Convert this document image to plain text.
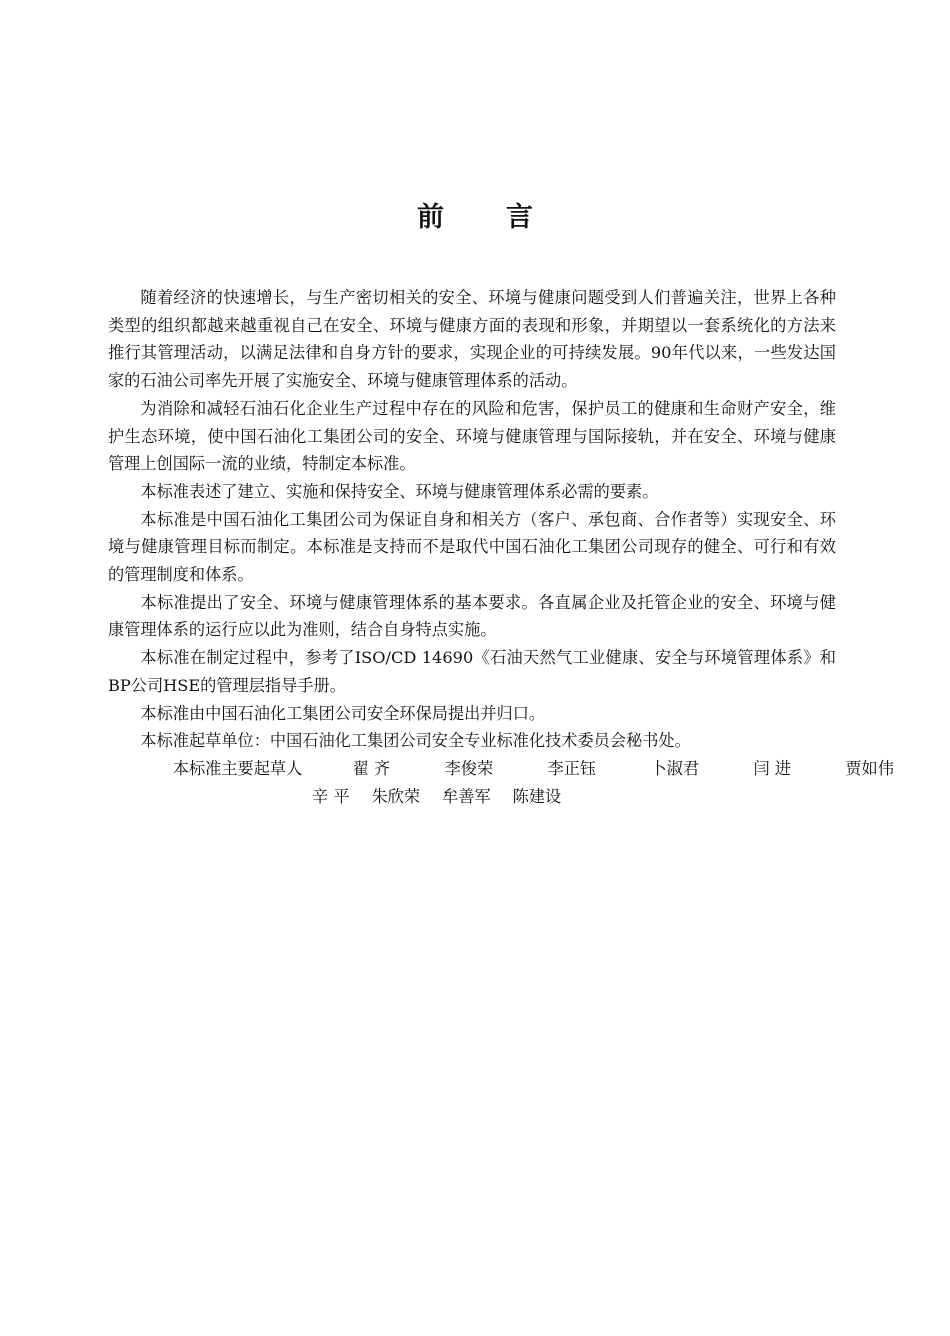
前言

随着经济的快速增长，与生产密切相关的安全、环境与健康问题受到人们普遍关注，世界上各种类型的组织都越来越重视自己在安全、环境与健康方面的表现和形象，并期望以一套系统化的方法来推行其管理活动，以满足法律和自身方针的要求，实现企业的可持续发展。90年代以来，一些发达国家的石油公司率先开展了实施安全、环境与健康管理体系的活动。

为消除和减轻石油石化企业生产过程中存在的风险和危害，保护员工的健康和生命财产安全，维护生态环境，使中国石油化工集团公司的安全、环境与健康管理与国际接轨，并在安全、环境与健康管理上创国际一流的业绩，特制定本标准。

本标准表述了建立、实施和保持安全、环境与健康管理体系必需的要素。

本标准是中国石油化工集团公司为保证自身和相关方（客户、承包商、合作者等）实现安全、环境与健康管理目标而制定。本标准是支持而不是取代中国石油化工集团公司现存的健全、可行和有效的管理制度和体系。

本标准提出了安全、环境与健康管理体系的基本要求。各直属企业及托管企业的安全、环境与健康管理体系的运行应以此为准则，结合自身特点实施。

本标准在制定过程中，参考了ISO/CD 14690《石油天然气工业健康、安全与环境管理体系》和BP公司HSE的管理层指导手册。

本标准由中国石油化工集团公司安全环保局提出并归口。

本标准起草单位：中国石油化工集团公司安全专业标准化技术委员会秘书处。

本标准主要起草人	翟 齐	李俊荣	李正钰	卜淑君	闫 进	贾如伟

辛 平 朱欣荣 牟善军 陈建设
